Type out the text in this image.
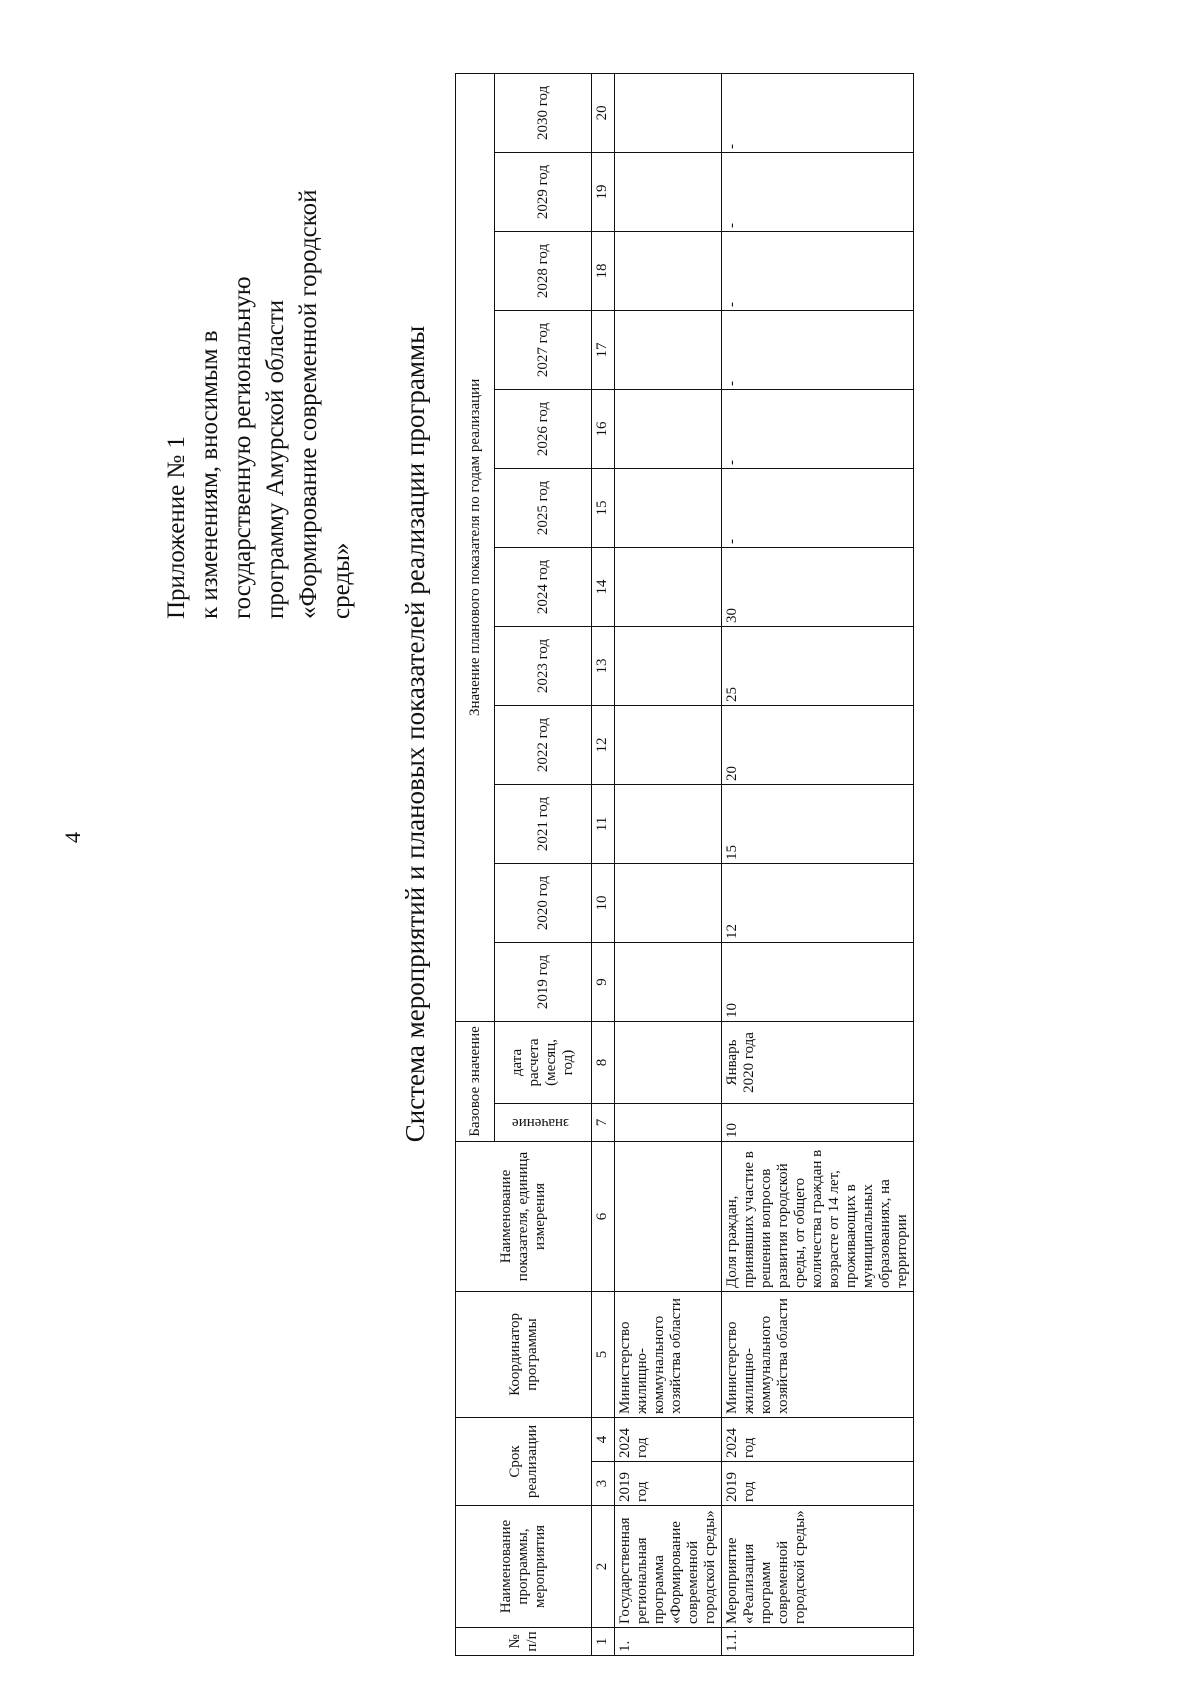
4
Приложение № 1 к изменениям, вносимым в государственную региональную программу Амурской области «Формирование современной городской среды» Система мероприятий и плановых показателей реализации программы
№ п/п	Наименование программы, мероприятия	Срок реализации		Координатор программы	Наименование показателя, единица измерения	Базовое значение		Значение планового показателя по годам реализации											
						значение	дата расчета (месяц, год)	2019 год	2020 год	2021 год	2022 год	2023 год	2024 год	2025 год	2026 год	2027 год	2028 год	2029 год	2030 год
1	2	3	4	5	6	7	8	9	10	11	12	13	14	15	16	17	18	19	20
1.	Государственная региональная программа «Формирование современной городской среды»	2019 год	2024 год	Министерство жилищно-коммунального хозяйства области															
1.1.	Мероприятие «Реализация программ современной городской среды»	2019 год	2024 год	Министерство жилищно-коммунального хозяйства области	Доля граждан, принявших участие в решении вопросов развития городской среды, от общего количества граждан в возрасте от 14 лет, проживающих в муниципальных образованиях, на территории	10	Январь 2020 года	10	12	15	20	25	30	-	-	-	-	-	-
